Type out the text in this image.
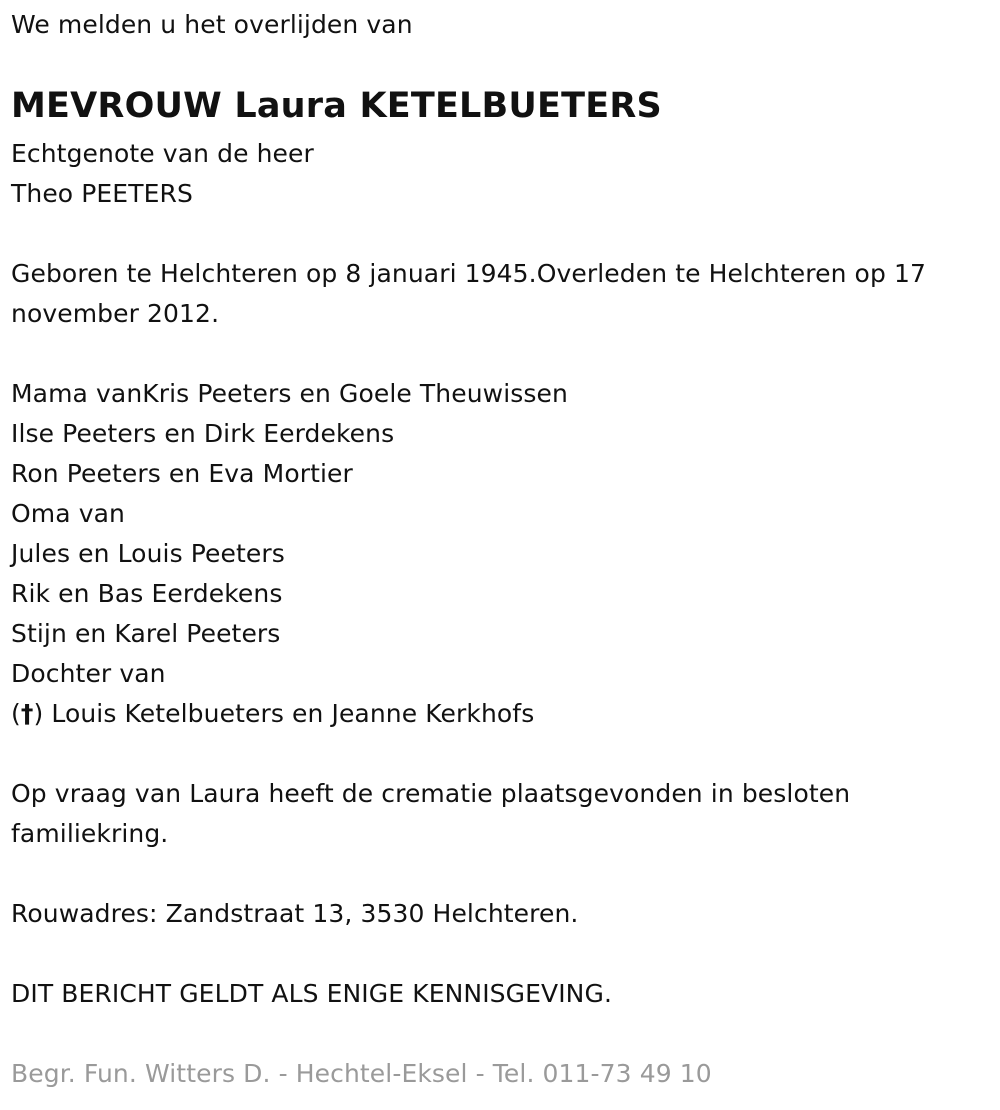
We melden u het overlijden van
MEVROUW Laura KETELBUETERS
Echtgenote van de heer
Theo PEETERS
Geboren te Helchteren op 8 januari 1945.Overleden te Helchteren op 17 november 2012.
Mama vanKris Peeters en Goele Theuwissen
Ilse Peeters en Dirk Eerdekens
Ron Peeters en Eva Mortier
Oma van
Jules en Louis Peeters
Rik en Bas Eerdekens
Stijn en Karel Peeters
Dochter van
(†) Louis Ketelbueters en Jeanne Kerkhofs
Op vraag van Laura heeft de crematie plaatsgevonden in besloten familiekring.
Rouwadres: Zandstraat 13, 3530 Helchteren.
DIT BERICHT GELDT ALS ENIGE KENNISGEVING.
Begr. Fun. Witters D. - Hechtel-Eksel - Tel. 011-73 49 10
